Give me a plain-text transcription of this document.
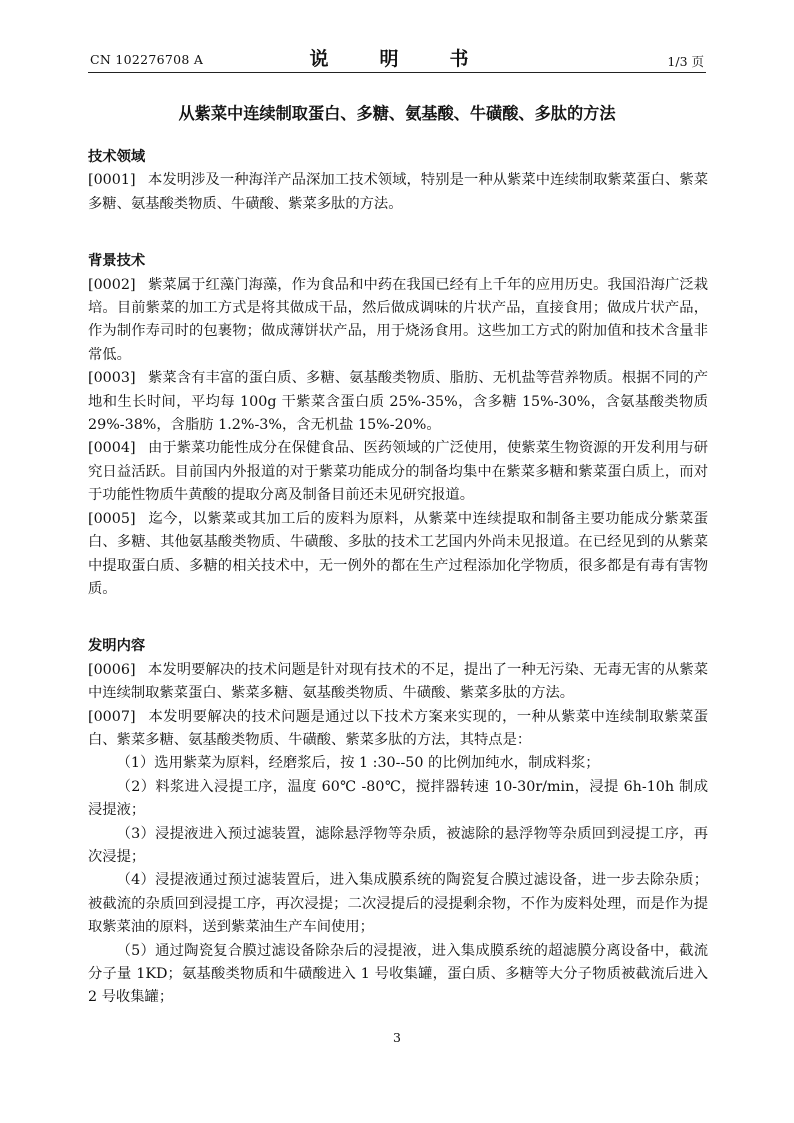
CN 102276708 A	说　明　书	1/3 页
从紫菜中连续制取蛋白、多糖、氨基酸、牛磺酸、多肽的方法
技术领域
[0001] 本发明涉及一种海洋产品深加工技术领域，特别是一种从紫菜中连续制取紫菜蛋白、紫菜多糖、氨基酸类物质、牛磺酸、紫菜多肽的方法。
背景技术
[0002] 紫菜属于红藻门海藻，作为食品和中药在我国已经有上千年的应用历史。我国沿海广泛栽培。目前紫菜的加工方式是将其做成干品，然后做成调味的片状产品，直接食用；做成片状产品，作为制作寿司时的包裹物；做成薄饼状产品，用于烧汤食用。这些加工方式的附加值和技术含量非常低。
[0003] 紫菜含有丰富的蛋白质、多糖、氨基酸类物质、脂肪、无机盐等营养物质。根据不同的产地和生长时间，平均每 100g 干紫菜含蛋白质 25%-35%，含多糖 15%-30%，含氨基酸类物质 29%-38%，含脂肪 1.2%-3%，含无机盐 15%-20%。
[0004] 由于紫菜功能性成分在保健食品、医药领域的广泛使用，使紫菜生物资源的开发利用与研究日益活跃。目前国内外报道的对于紫菜功能成分的制备均集中在紫菜多糖和紫菜蛋白质上，而对于功能性物质牛黄酸的提取分离及制备目前还未见研究报道。
[0005] 迄今，以紫菜或其加工后的废料为原料，从紫菜中连续提取和制备主要功能成分紫菜蛋白、多糖、其他氨基酸类物质、牛磺酸、多肽的技术工艺国内外尚未见报道。在已经见到的从紫菜中提取蛋白质、多糖的相关技术中，无一例外的都在生产过程添加化学物质，很多都是有毒有害物质。
发明内容
[0006] 本发明要解决的技术问题是针对现有技术的不足，提出了一种无污染、无毒无害的从紫菜中连续制取紫菜蛋白、紫菜多糖、氨基酸类物质、牛磺酸、紫菜多肽的方法。
[0007] 本发明要解决的技术问题是通过以下技术方案来实现的，一种从紫菜中连续制取紫菜蛋白、紫菜多糖、氨基酸类物质、牛磺酸、紫菜多肽的方法，其特点是：
（1）选用紫菜为原料，经磨浆后，按 1 :30--50 的比例加纯水，制成料浆；
（2）料浆进入浸提工序，温度 60℃ -80℃，搅拌器转速 10-30r/min，浸提 6h-10h 制成浸提液；
（3）浸提液进入预过滤装置，滤除悬浮物等杂质，被滤除的悬浮物等杂质回到浸提工序，再次浸提；
（4）浸提液通过预过滤装置后，进入集成膜系统的陶瓷复合膜过滤设备，进一步去除杂质；被截流的杂质回到浸提工序，再次浸提；二次浸提后的浸提剩余物，不作为废料处理，而是作为提取紫菜油的原料，送到紫菜油生产车间使用；
（5）通过陶瓷复合膜过滤设备除杂后的浸提液，进入集成膜系统的超滤膜分离设备中，截流分子量 1KD；氨基酸类物质和牛磺酸进入 1 号收集罐，蛋白质、多糖等大分子物质被截流后进入 2 号收集罐；
3
